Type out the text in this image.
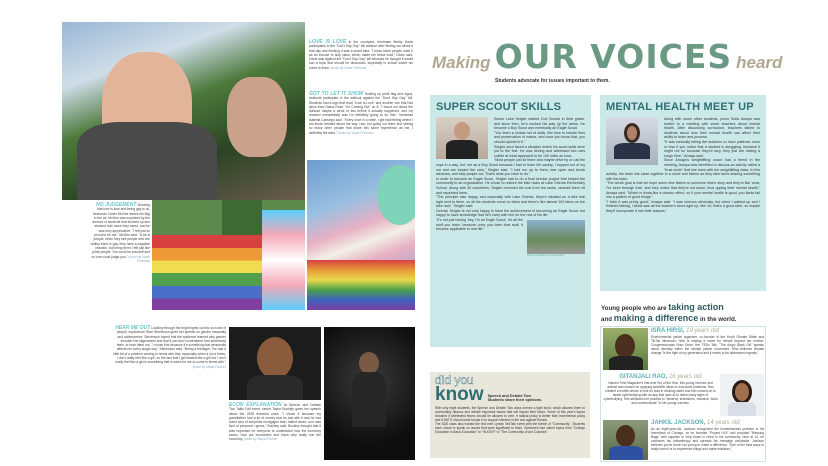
LOVE IS LOVE In the courtyard, freshman Bently Davis participates in the "Don't Say Gay" bill walkout after finding out about it that day and thinking it was a smart idea. "I know some people used it as an excuse to skip class, which made me kinda mad," Davis said. Davis was against the "Don't Say Gay" bill because he thought it would ban a topic that should be discussed, especially in school where we come to learn. photo by Noah Freeman
GOT TO LET IT SHOW Holding up pride flag and signs, students participate in the walkout against the "Don't Say Gay" bill. Students had a sign that read "Love is Love" and another one that had lyrics from Diana Ross' "I'm Coming Out" on it. "I found out about the walkout maybe a week or two before it actually happened, and my reaction immediately was I'm definitely going to do that," freshman Isabella Camargo said. "Every once in a while, I get that feeling where I am kinda hesitant about the way I am, but going out there and seeing so many other people that share this same experience as me, I definitely felt alive." photo by Noah Freeman
NO JUDGEMENT Showing that love is love and being gay is ok, freshman Carter McGee waves his flag in the air. McGee was surprised by the amount of students that showed up and showed how much they cared, and he was very appreciative. "I felt just so proud to be me," McGee said. "A lot of people, when they see people who are visibly trans or gay, they have a negative reaction, but being there I felt just like pride people. You could be yourself and no one could judge you." photo by Noah Freeman
HEAR ME OUT Looking through the bright lights out into a crowd of people, sophomore Starr Stevenson gives her speech on gender inequality and adolescence. Stevenson hoped that the audience learned why gender shouldn't be stigmatized and that if you don't understand how somebody feels, to hear them out. "I chose this because it's something that personally affects me every single day," Stevenson said. "Being a teenager, I've had a little bit of a problem coming to terms with that, especially when a lot of times, I don't really feel like a girl, so the fact that I get treated like a girl but I don't really feel like a girl is something that is weird for me to come to terms with." photo by Maya Fischer
ECON EXPLANATION At Speech and Debate Two Talks Fall event, senior Taylor Buckley gives her speech about the 2008 financial crisis. "I chose it because my grandfather had a lot of money that he lost with it and he had some kind of subprime mortgages that I talked about, so it was kind of personal I guess," Buckley said. Buckley thought that it was important for everyone to understand how the economy works, how our economics and know why really ruin the economy. photo by Maya Fischer
Making OUR VOICES heard
Students advocate for issues important to them.
SUPER SCOUT SKILLS

Senior Luke Seigler started Cub Scouts in third grade, and since then, he's worked his way up the ranks. He became a Boy Scout and eventually an Eagle Scout.

"You learn a certain set of skills, like how to handle fires and preservation of nature, and once you know that, you should uphold to it."

Seigler once faced a situation where his scout skills were put to the test. He was driving and witnessed two cars collide at what appeared to be 100 miles an hour.

"Most people just sit there and maybe drive by or call the cops in a way, but, me as a Boy Scout because I had to learn life saving, I hopped out of my car and ran toward the cars," Seigler said. "I had run up to them, tear open and break windows, and help people out. That's what you have to do."

In order to become an Eagle Scout, Seigler had to do a final service project that helped the community to an organization. He chose to restore the bike racks at Lake Orienta Elementary School. Along with 30 volunteers, Seigler removed the rust from the racks, cleaned them off and repainted them.

"The principle was happy, and especially with Lake Orienta, they're situated on a bike trail right next to them, so all the students come on bikes and there's like almost 100 bikes on the bike rack," Seigler said.

Overall, Seigler is not only happy to have the achievement of becoming an Eagle Scout, but happy to have knowledge that he'll carry with him for the rest of his life.

photo submitted by Luke Seigler

"It's not just having 'hey, I'm an Eagle Scout,' it's all the stuff you learn, because once you learn that stuff, it became applicable to real life."

MENTAL HEALTH MEET UP

Along with some other students, junior Sofia Amaya was invited to a meeting with some teachers about mental health. After discussing curriculum, teachers talked to students about how their mental health can affect their ability to learn and process.

"It was basically telling the teachers to have patience more or less if you notice that a student is struggling, because it might not be because they're lazy, they just are having a rough time," Amaya said.

Since Amaya's weightlifting coach had a friend in the meeting, Amaya was identified to discuss an activity called a "trust circle" that she does with her weightlifting class. In this activity, the team sits close together in a circle and listens as they take turns sharing something with the team.

"The whole goal is that we hope some else listens to someone else's story and they're like 'wow, I've been through that', and they notice that they're not alone, thus upping their mental health," Amaya said. "Which is kinda like a domino effect, so if your mental health is good, you kinda fall into a pattern of good things."

"I think it was pretty good," Amaya said. "I was nervous obviously, but when I walked up and I finished talking, I kinda saw all the teacher's faces light up, like 'oh, that's a good idea', so maybe they'll incorporate it into their classes."

did you
know Speech and Debate Two Students share their opinions.

With only eight students, the Speech and Debate Two class formed a tight bond, which allowed them to comfortably discuss and debate important issues that will impact their future. Some of this year's topics included if celebrated felons should be allowed to vote, if radical policy is better than incremental policy and if NATO should send troops in to support Ukraine in the war against Russia.

The SDS class also hosted the first ever Lyman TedTalk event with the theme of "Community". Students each chose to speak on issues that were significant to them. Speeches had varied topics from "College Education is Basic Education" to "HUGS!!!" to "The Community of Ant Colonies".

Young people who are taking action
and making a difference in the world.
ISRA HIRSI, 19 years old
Environmental justice organizer, co-founder of the Youth Climate Strike and TikTok influencer, Hirsi is making a name for herself beyond her mother, Congresswoman Ilhan Omar. Her TEDx Talk, "The Angry Black Girl" speaks about diversity within the climate justice movement. Hirsi believes climate change "is the fight of my generation and it needs to be addressed urgently."
GITANJALI RAO, 16 years old
Named Time Magazine's first-ever Kid of the Year, this young inventor and activist was chosen for applying scientific ideas to real-world problems. Rao created a mobile device to test for lead in drinking water and then moved on to tackle cyberbullying with an app that uses AI to detect early signs of cyberbullying. She attributes her process to "observe, brainstorm, research, build and communicate" to her young success.
JAHKIL JACKSON, 14 years old
As an eight-year-old, Jackson recognized the homelessness problem in his hometown of Chicago, so he founded "Project Hi-5" and provided "Blessing Bags" with supplies to help those in need in his community. Now at 14, he continues his philanthropy and spreads his message worldwide. Jackson believes you're never too young to make a difference. "One of the best ways to really learn it is to experience things and make mistakes."
